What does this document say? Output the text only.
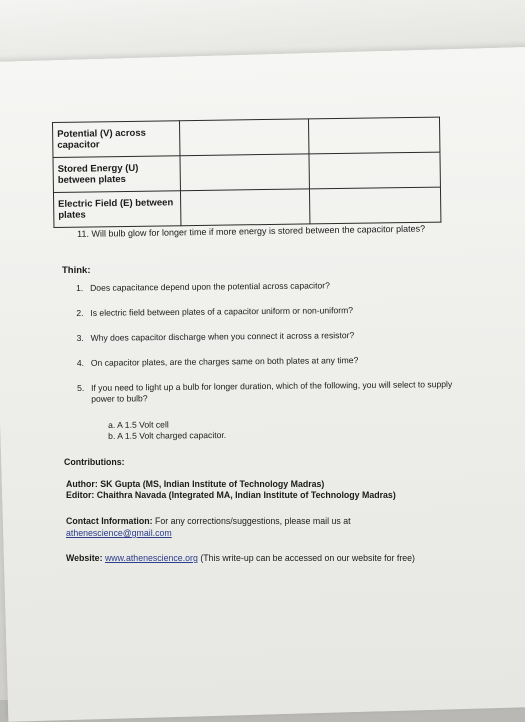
Potential (V) across capacitor		
Stored Energy (U) between plates		
Electric Field (E) between plates		
11. Will bulb glow for longer time if more energy is stored between the capacitor plates?
Think:
1. Does capacitance depend upon the potential across capacitor?
2. Is electric field between plates of a capacitor uniform or non-uniform?
3. Why does capacitor discharge when you connect it across a resistor?
4. On capacitor plates, are the charges same on both plates at any time?
5. If you need to light up a bulb for longer duration, which of the following, you will select to supply power to bulb?
a. A 1.5 Volt cell
b. A 1.5 Volt charged capacitor.
Contributions:
Author: SK Gupta (MS, Indian Institute of Technology Madras)
Editor: Chaithra Navada (Integrated MA, Indian Institute of Technology Madras)
Contact Information: For any corrections/suggestions, please mail us at
athenescience@gmail.com
Website: www.athenescience.org (This write-up can be accessed on our website for free)
